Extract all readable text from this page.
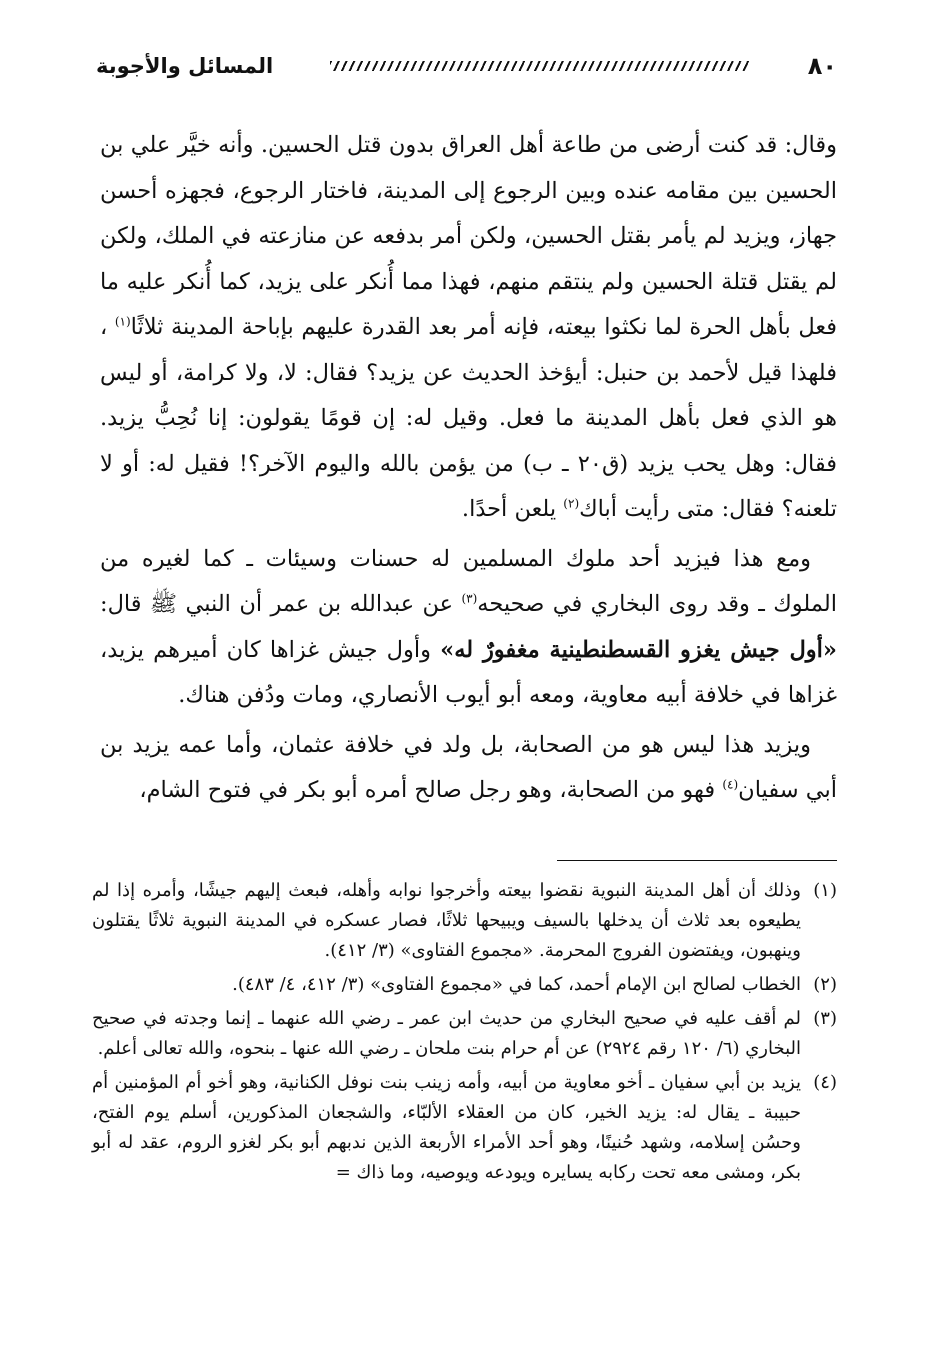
٨٠
المسائل والأجوبة

وقال: قد كنت أرضى من طاعة أهل العراق بدون قتل الحسين. وأنه خيَّر علي بن الحسين بين مقامه عنده وبين الرجوع إلى المدينة، فاختار الرجوع، فجهزه أحسن جهاز، ويزيد لم يأمر بقتل الحسين، ولكن أمر بدفعه عن منازعته في الملك، ولكن لم يقتل قتلة الحسين ولم ينتقم منهم، فهذا مما أُنكر على يزيد، كما أُنكر عليه ما فعل بأهل الحرة لما نكثوا بيعته، فإنه أمر بعد القدرة عليهم بإباحة المدينة ثلاثًا$^{(١)}$ ، فلهذا قيل لأحمد بن حنبل: أيؤخذ الحديث عن يزيد؟ فقال: لا، ولا كرامة، أو ليس هو الذي فعل بأهل المدينة ما فعل. وقيل له: إن قومًا يقولون: إنا نُحِبُّ يزيد. فقال: وهل يحب يزيد (ق٢٠ ـ ب) من يؤمن بالله واليوم الآخر؟! فقيل له: أو لا تلعنه؟ فقال: متى رأيت أباك$^{(٢)}$ يلعن أحدًا.

ومع هذا فيزيد أحد ملوك المسلمين له حسنات وسيئات ـ كما لغيره من الملوك ـ وقد روى البخاري في صحيحه$^{(٣)}$ عن عبدالله بن عمر أن النبي ﷺ قال: «أول جيش يغزو القسطنطينية مغفورٌ له» وأول جيش غزاها كان أميرهم يزيد، غزاها في خلافة أبيه معاوية، ومعه أبو أيوب الأنصاري، ومات ودُفن هناك.

ويزيد هذا ليس هو من الصحابة، بل ولد في خلافة عثمان، وأما عمه يزيد بن أبي سفيان$^{(٤)}$ فهو من الصحابة، وهو رجل صالح أمره أبو بكر في فتوح الشام،

(١)
وذلك أن أهل المدينة النبوية نقضوا بيعته وأخرجوا نوابه وأهله، فبعث إليهم جيشًا، وأمره إذا لم يطيعوه بعد ثلاث أن يدخلها بالسيف ويبيحها ثلاثًا، فصار عسكره في المدينة النبوية ثلاثًا يقتلون وينهبون، ويفتضون الفروج المحرمة. «مجموع الفتاوى» (٣/ ٤١٢).

(٢)
الخطاب لصالح ابن الإمام أحمد، كما في «مجموع الفتاوى» (٣/ ٤١٢، ٤/ ٤٨٣).

(٣)
لم أقف عليه في صحيح البخاري من حديث ابن عمر ـ رضي الله عنهما ـ إنما وجدته في صحيح البخاري (٦/ ١٢٠ رقم ٢٩٢٤) عن أم حرام بنت ملحان ـ رضي الله عنها ـ بنحوه، والله تعالى أعلم.

(٤)
يزيد بن أبي سفيان ـ أخو معاوية من أبيه، وأمه زينب بنت نوفل الكنانية، وهو أخو أم المؤمنين أم حبيبة ـ يقال له: يزيد الخير، كان من العقلاء الألبّاء، والشجعان المذكورين، أسلم يوم الفتح، وحسُن إسلامه، وشهد حُنينًا، وهو أحد الأمراء الأربعة الذين ندبهم أبو بكر لغزو الروم، عقد له أبو بكر، ومشى معه تحت ركابه يسايره ويودعه ويوصيه، وما ذاك =
